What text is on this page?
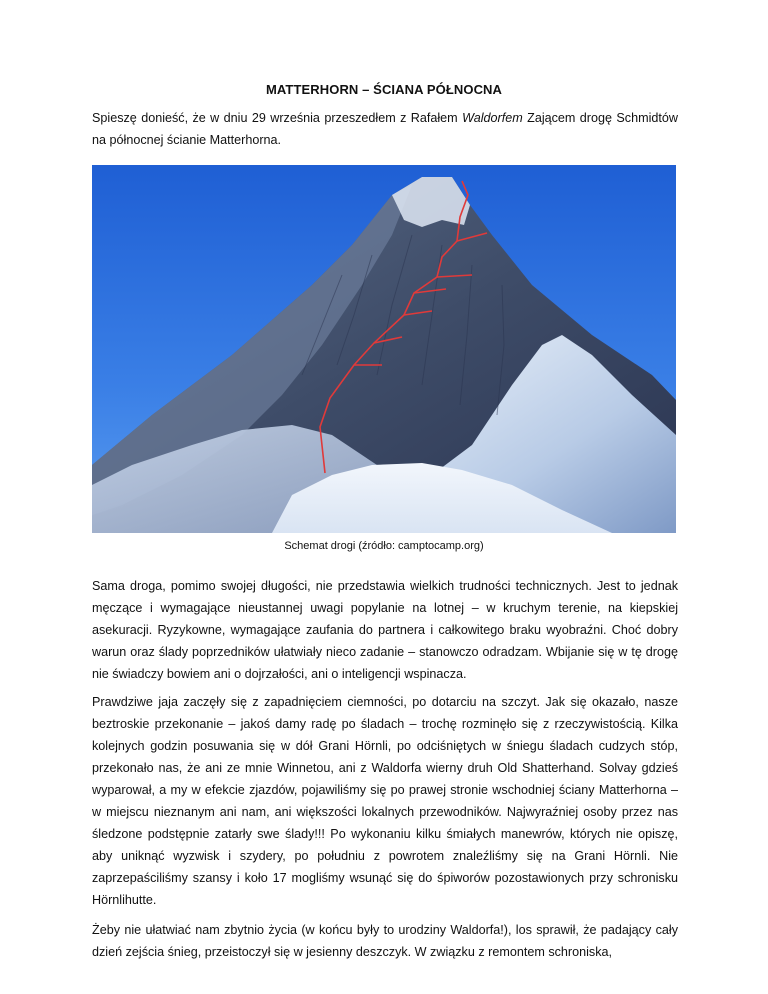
MATTERHORN – ŚCIANA PÓŁNOCNA
Spieszę donieść, że w dniu 29 września przeszedłem z Rafałem Waldorfem Zającem drogę Schmidtów na północnej ścianie Matterhorna.
Schemat drogi (źródło: camptocamp.org)
Sama droga, pomimo swojej długości, nie przedstawia wielkich trudności technicznych. Jest to jednak męczące i wymagające nieustannej uwagi popylanie na lotnej – w kruchym terenie, na kiepskiej asekuracji. Ryzykowne, wymagające zaufania do partnera i całkowitego braku wyobraźni. Choć dobry warun oraz ślady poprzedników ułatwiały nieco zadanie – stanowczo odradzam. Wbijanie się w tę drogę nie świadczy bowiem ani o dojrzałości, ani o inteligencji wspinacza.
Prawdziwe jaja zaczęły się z zapadnięciem ciemności, po dotarciu na szczyt. Jak się okazało, nasze beztroskie przekonanie – jakoś damy radę po śladach – trochę rozminęło się z rzeczywistością. Kilka kolejnych godzin posuwania się w dół Grani Hörnli, po odciśniętych w śniegu śladach cudzych stóp, przekonało nas, że ani ze mnie Winnetou, ani z Waldorfa wierny druh Old Shatterhand. Solvay gdzieś wyparował, a my w efekcie zjazdów, pojawiliśmy się po prawej stronie wschodniej ściany Matterhorna – w miejscu nieznanym ani nam, ani większości lokalnych przewodników. Najwyraźniej osoby przez nas śledzone podstępnie zatarły swe ślady!!! Po wykonaniu kilku śmiałych manewrów, których nie opiszę, aby uniknąć wyzwisk i szydery, po południu z powrotem znaleźliśmy się na Grani Hörnli. Nie zaprzepaściliśmy szansy i koło 17 mogliśmy wsunąć się do śpiworów pozostawionych przy schronisku Hörnlihutte.
Żeby nie ułatwiać nam zbytnio życia (w końcu były to urodziny Waldorfa!), los sprawił, że padający cały dzień zejścia śnieg, przeistoczył się w jesienny deszczyk. W związku z remontem schroniska,
